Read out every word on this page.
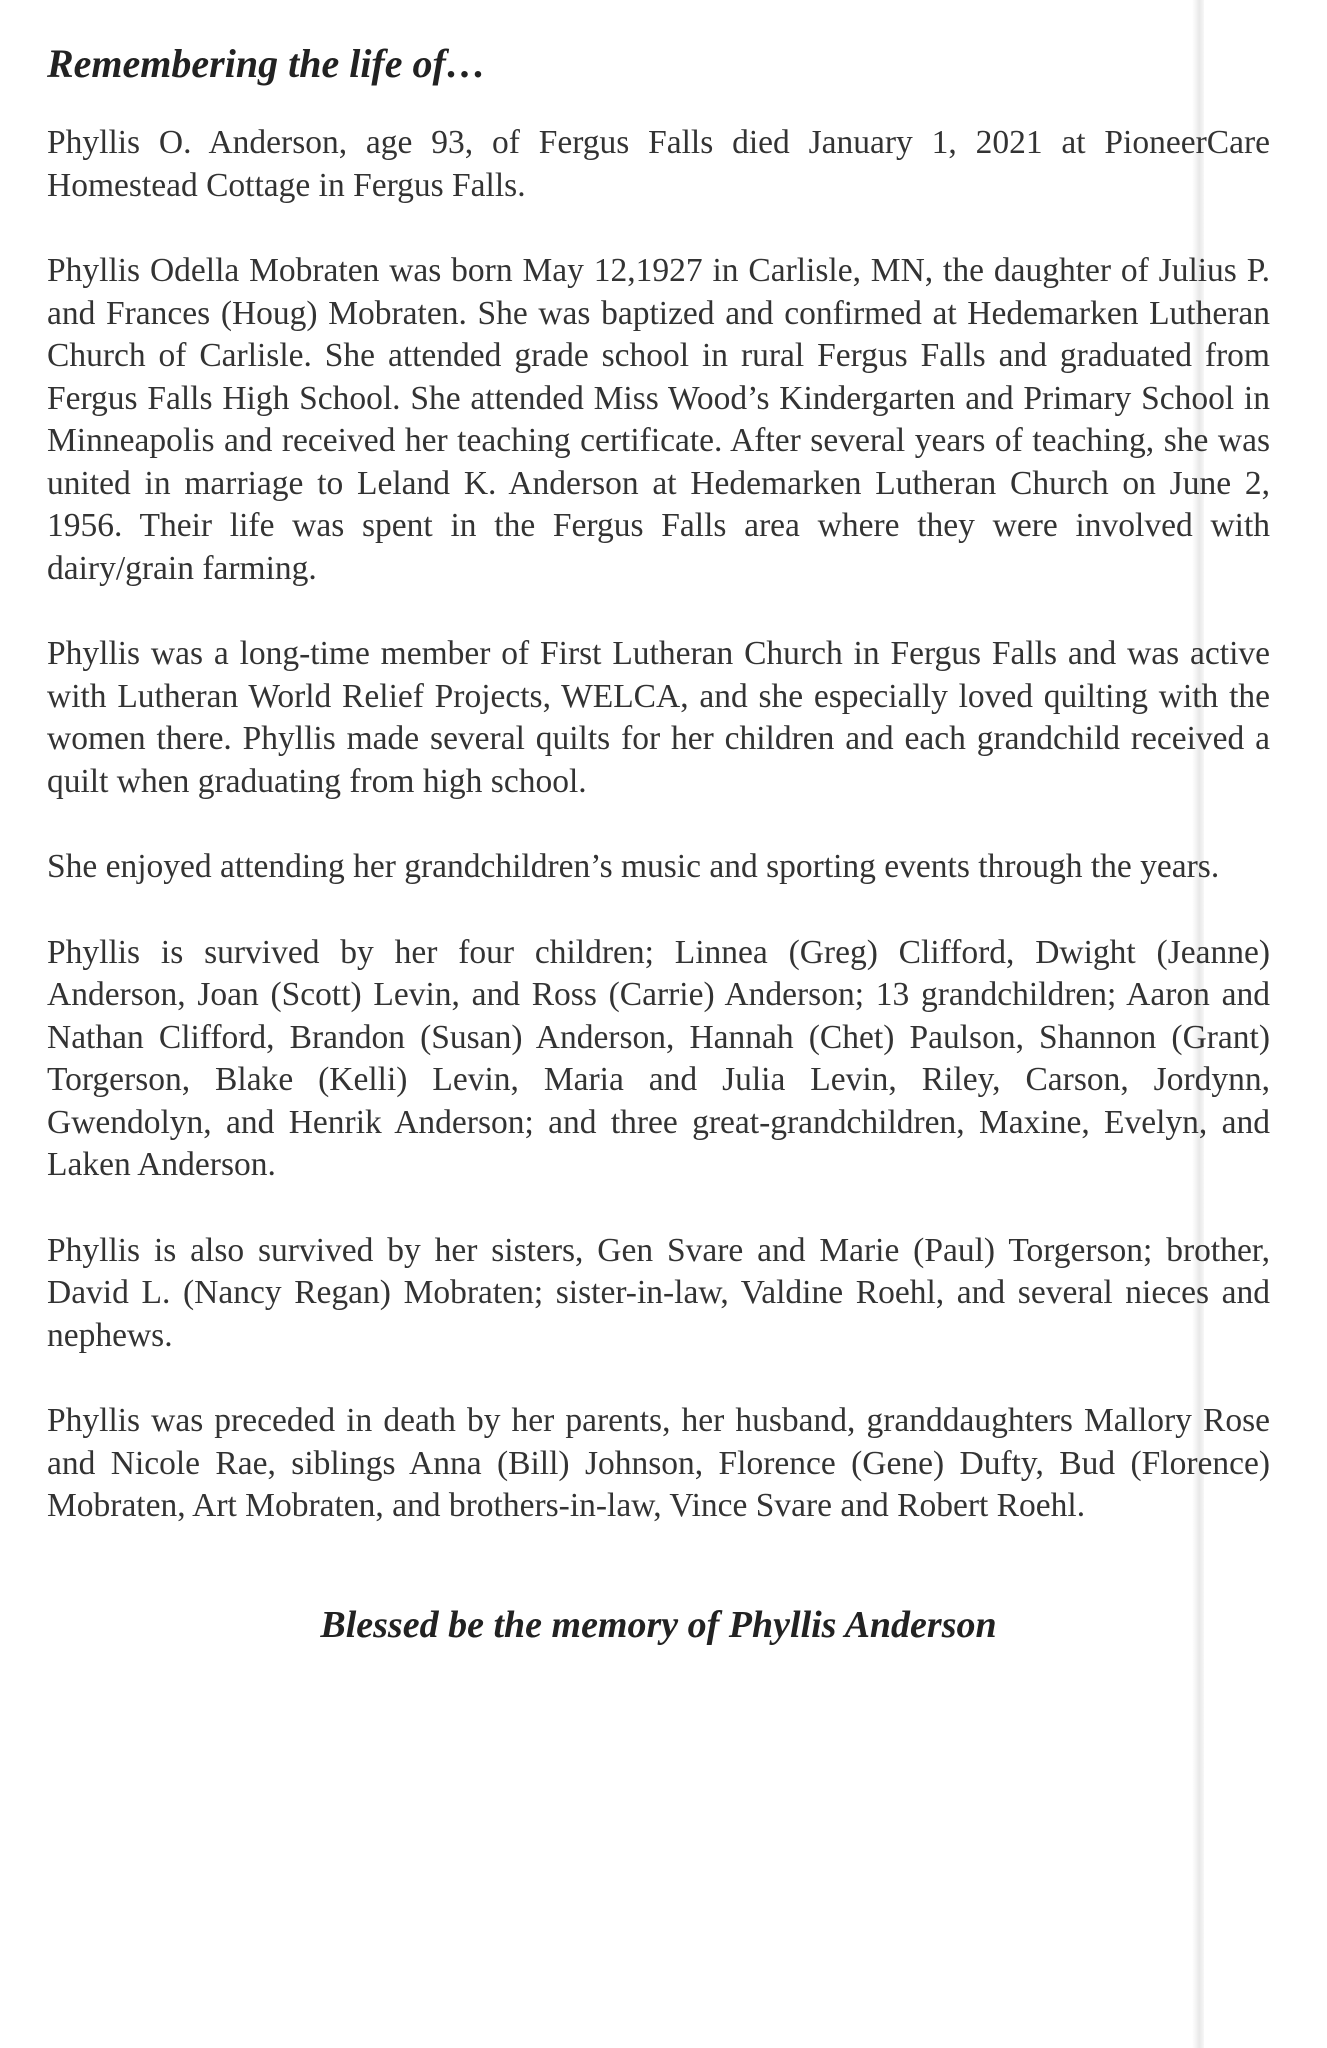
Remembering the life of…

Phyllis O. Anderson, age 93, of Fergus Falls died January 1, 2021 at PioneerCare Homestead Cottage in Fergus Falls.

Phyllis Odella Mobraten was born May 12,1927 in Carlisle, MN, the daughter of Julius P. and Frances (Houg) Mobraten. She was baptized and confirmed at Hedemarken Lutheran Church of Carlisle. She attended grade school in rural Fergus Falls and graduated from Fergus Falls High School. She attended Miss Wood’s Kindergarten and Primary School in Minneapolis and received her teaching certificate. After several years of teaching, she was united in marriage to Leland K. Anderson at Hedemarken Lutheran Church on June 2, 1956. Their life was spent in the Fergus Falls area where they were involved with dairy/grain farming.

Phyllis was a long-time member of First Lutheran Church in Fergus Falls and was active with Lutheran World Relief Projects, WELCA, and she especially loved quilting with the women there. Phyllis made several quilts for her children and each grandchild received a quilt when graduating from high school.

She enjoyed attending her grandchildren’s music and sporting events through the years.

Phyllis is survived by her four children; Linnea (Greg) Clifford, Dwight (Jeanne) Anderson, Joan (Scott) Levin, and Ross (Carrie) Anderson; 13 grandchildren; Aaron and Nathan Clifford, Brandon (Susan) Anderson, Hannah (Chet) Paulson, Shannon (Grant) Torgerson, Blake (Kelli) Levin, Maria and Julia Levin, Riley, Carson, Jordynn, Gwendolyn, and Henrik Anderson; and three great-grandchildren, Maxine, Evelyn, and Laken Anderson.

Phyllis is also survived by her sisters, Gen Svare and Marie (Paul) Torgerson; brother, David L. (Nancy Regan) Mobraten; sister-in-law, Valdine Roehl, and several nieces and nephews.

Phyllis was preceded in death by her parents, her husband, granddaughters Mallory Rose and Nicole Rae, siblings Anna (Bill) Johnson, Florence (Gene) Dufty, Bud (Florence) Mobraten, Art Mobraten, and brothers-in-law, Vince Svare and Robert Roehl.

Blessed be the memory of Phyllis Anderson
